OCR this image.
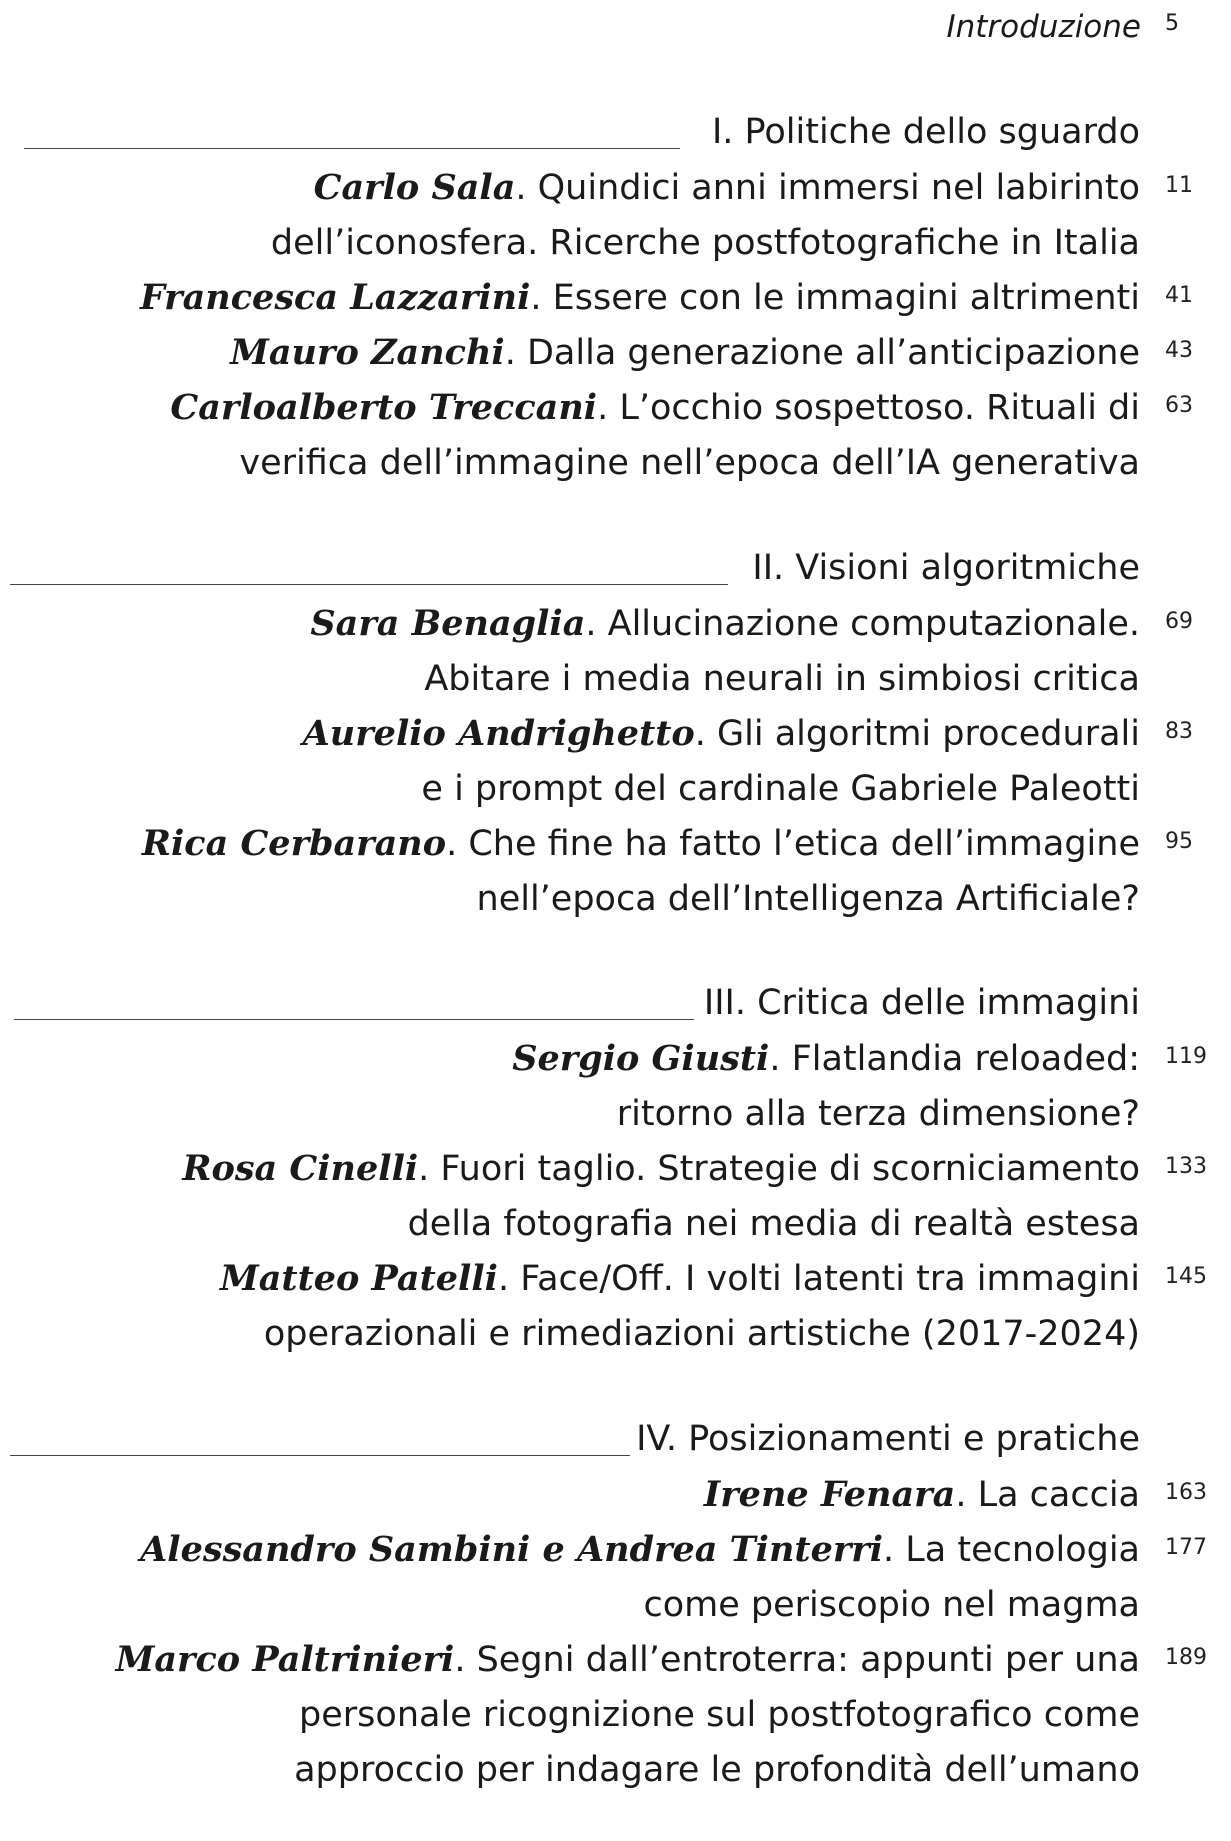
Introduzione 5
I. Politiche dello sguardo
Carlo Sala. Quindici anni immersi nel labirinto 11
dell’iconosfera. Ricerche postfotografiche in Italia
Francesca Lazzarini. Essere con le immagini altrimenti 41
Mauro Zanchi. Dalla generazione all’anticipazione 43
Carloalberto Treccani. L’occhio sospettoso. Rituali di 63
verifica dell’immagine nell’epoca dell’IA generativa
II. Visioni algoritmiche
Sara Benaglia. Allucinazione computazionale. 69
Abitare i media neurali in simbiosi critica
Aurelio Andrighetto. Gli algoritmi procedurali 83
e i prompt del cardinale Gabriele Paleotti
Rica Cerbarano. Che fine ha fatto l’etica dell’immagine 95
nell’epoca dell’Intelligenza Artificiale?
III. Critica delle immagini
Sergio Giusti. Flatlandia reloaded: 119
ritorno alla terza dimensione?
Rosa Cinelli. Fuori taglio. Strategie di scorniciamento 133
della fotografia nei media di realtà estesa
Matteo Patelli. Face/Off. I volti latenti tra immagini 145
operazionali e rimediazioni artistiche (2017-2024)
IV. Posizionamenti e pratiche
Irene Fenara. La caccia 163
Alessandro Sambini e Andrea Tinterri. La tecnologia 177
come periscopio nel magma
Marco Paltrinieri. Segni dall’entroterra: appunti per una 189
personale ricognizione sul postfotografico come
approccio per indagare le profondità dell’umano
